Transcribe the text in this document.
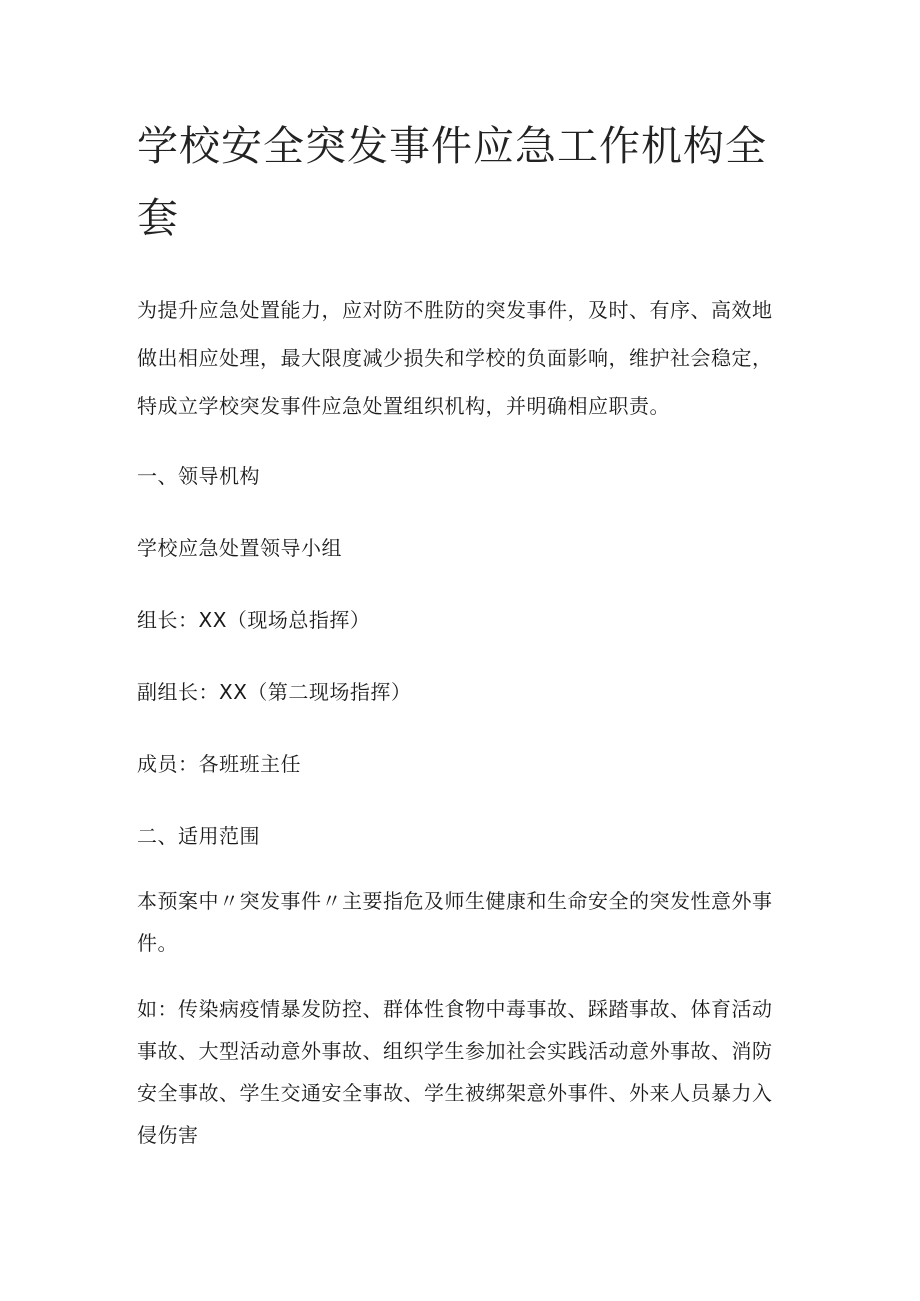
学校安全突发事件应急工作机构全套

为提升应急处置能力，应对防不胜防的突发事件，及时、有序、高效地做出相应处理，最大限度减少损失和学校的负面影响，维护社会稳定，特成立学校突发事件应急处置组织机构，并明确相应职责。

一、领导机构

学校应急处置领导小组

组长：XX（现场总指挥）

副组长：XX（第二现场指挥）

成员：各班班主任

二、适用范围

本预案中〃突发事件〃主要指危及师生健康和生命安全的突发性意外事件。

如：传染病疫情暴发防控、群体性食物中毒事故、踩踏事故、体育活动事故、大型活动意外事故、组织学生参加社会实践活动意外事故、消防安全事故、学生交通安全事故、学生被绑架意外事件、外来人员暴力入侵伤害
